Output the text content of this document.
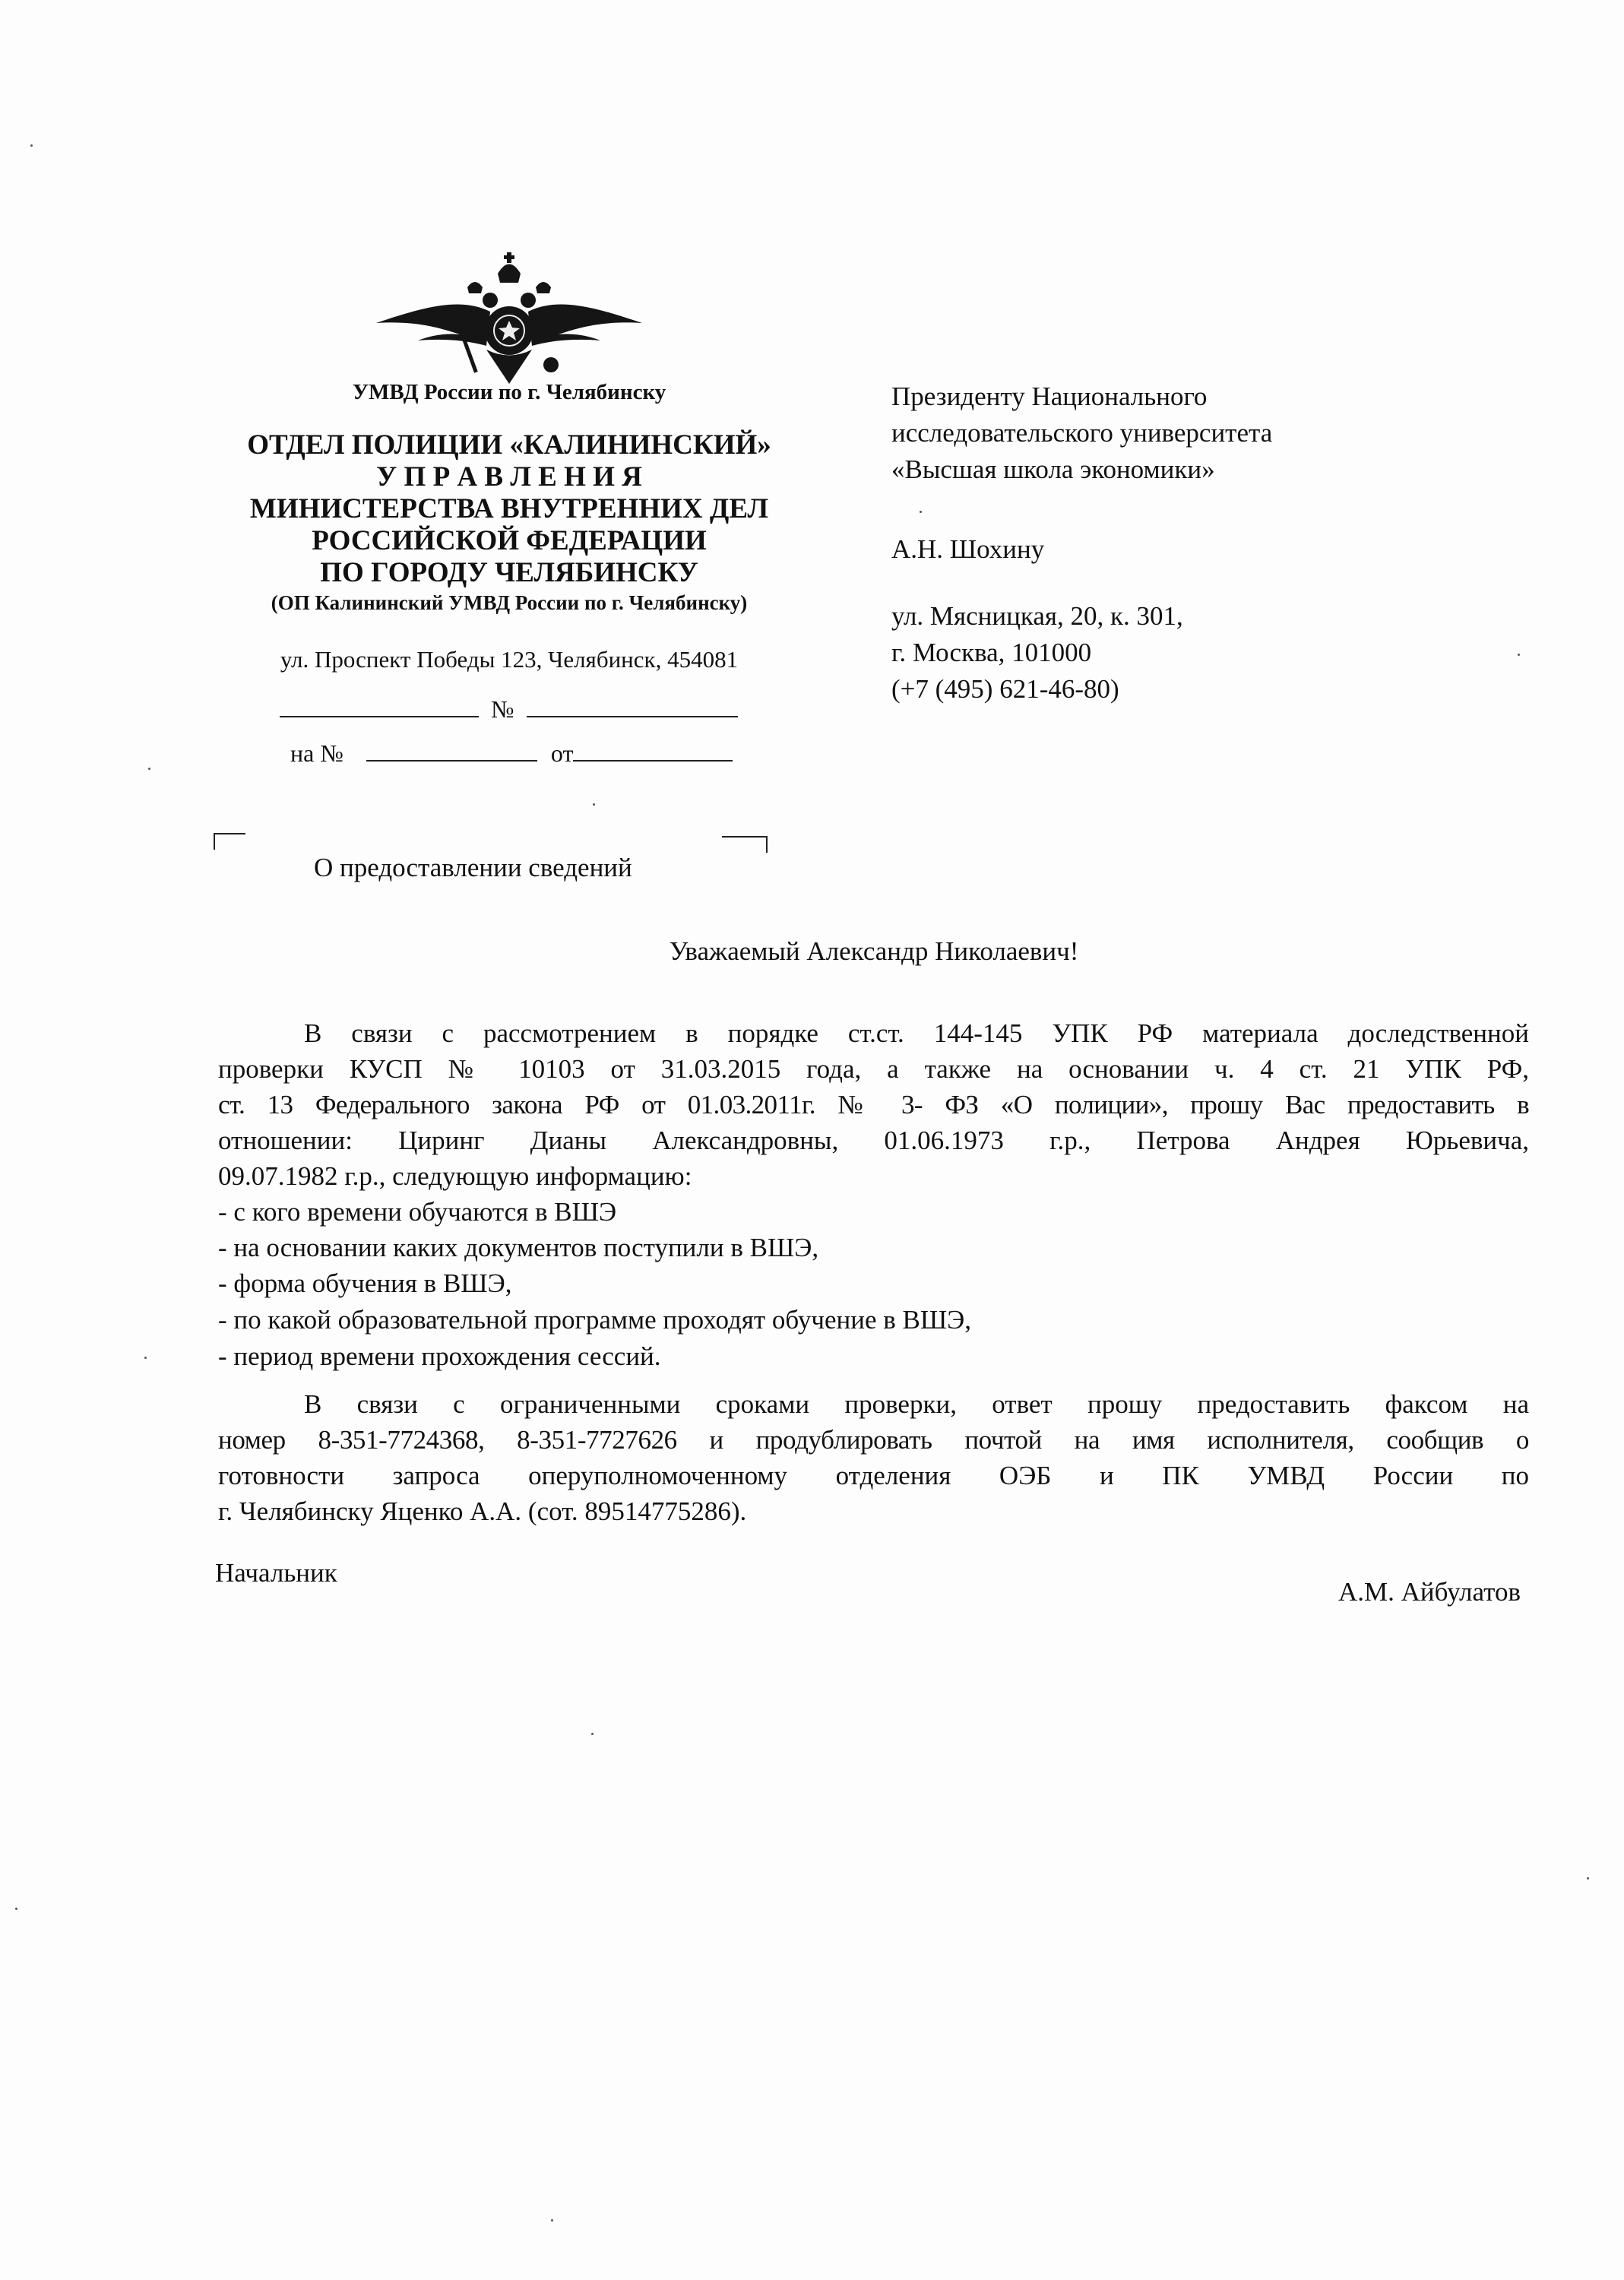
УМВД России по г. Челябинску
ОТДЕЛ ПОЛИЦИИ «КАЛИНИНСКИЙ»
У П Р А В Л Е Н И Я
МИНИСТЕРСТВА ВНУТРЕННИХ ДЕЛ
РОССИЙСКОЙ ФЕДЕРАЦИИ
ПО ГОРОДУ ЧЕЛЯБИНСКУ
(ОП Калининский УМВД России по г. Челябинску)
ул. Проспект Победы 123, Челябинск, 454081
№
на №	от
Президенту Национального
исследовательского университета
«Высшая школа экономики»
А.Н. Шохину
ул. Мясницкая, 20, к. 301,
г. Москва, 101000
(+7 (495) 621-46-80)
О предоставлении сведений
Уважаемый Александр Николаевич!
В связи с рассмотрением в порядке ст.ст. 144-145 УПК РФ материала доследственной
проверки КУСП № 10103 от 31.03.2015 года, а также на основании ч. 4 ст. 21 УПК РФ,
ст. 13 Федерального закона РФ от 01.03.2011г. № 3- ФЗ «О полиции», прошу Вас предоставить в
отношении: Циринг Дианы Александровны, 01.06.1973 г.р., Петрова Андрея Юрьевича,
09.07.1982 г.р., следующую информацию:
- с кого времени обучаются в ВШЭ
- на основании каких документов поступили в ВШЭ,
- форма обучения в ВШЭ,
- по какой образовательной программе проходят обучение в ВШЭ,
- период времени прохождения сессий.
В связи с ограниченными сроками проверки, ответ прошу предоставить факсом на
номер 8-351-7724368, 8-351-7727626 и продублировать почтой на имя исполнителя, сообщив о
готовности запроса оперуполномоченному отделения ОЭБ и ПК УМВД России по
г. Челябинску Яценко А.А. (сот. 89514775286).
Начальник
А.М. Айбулатов
